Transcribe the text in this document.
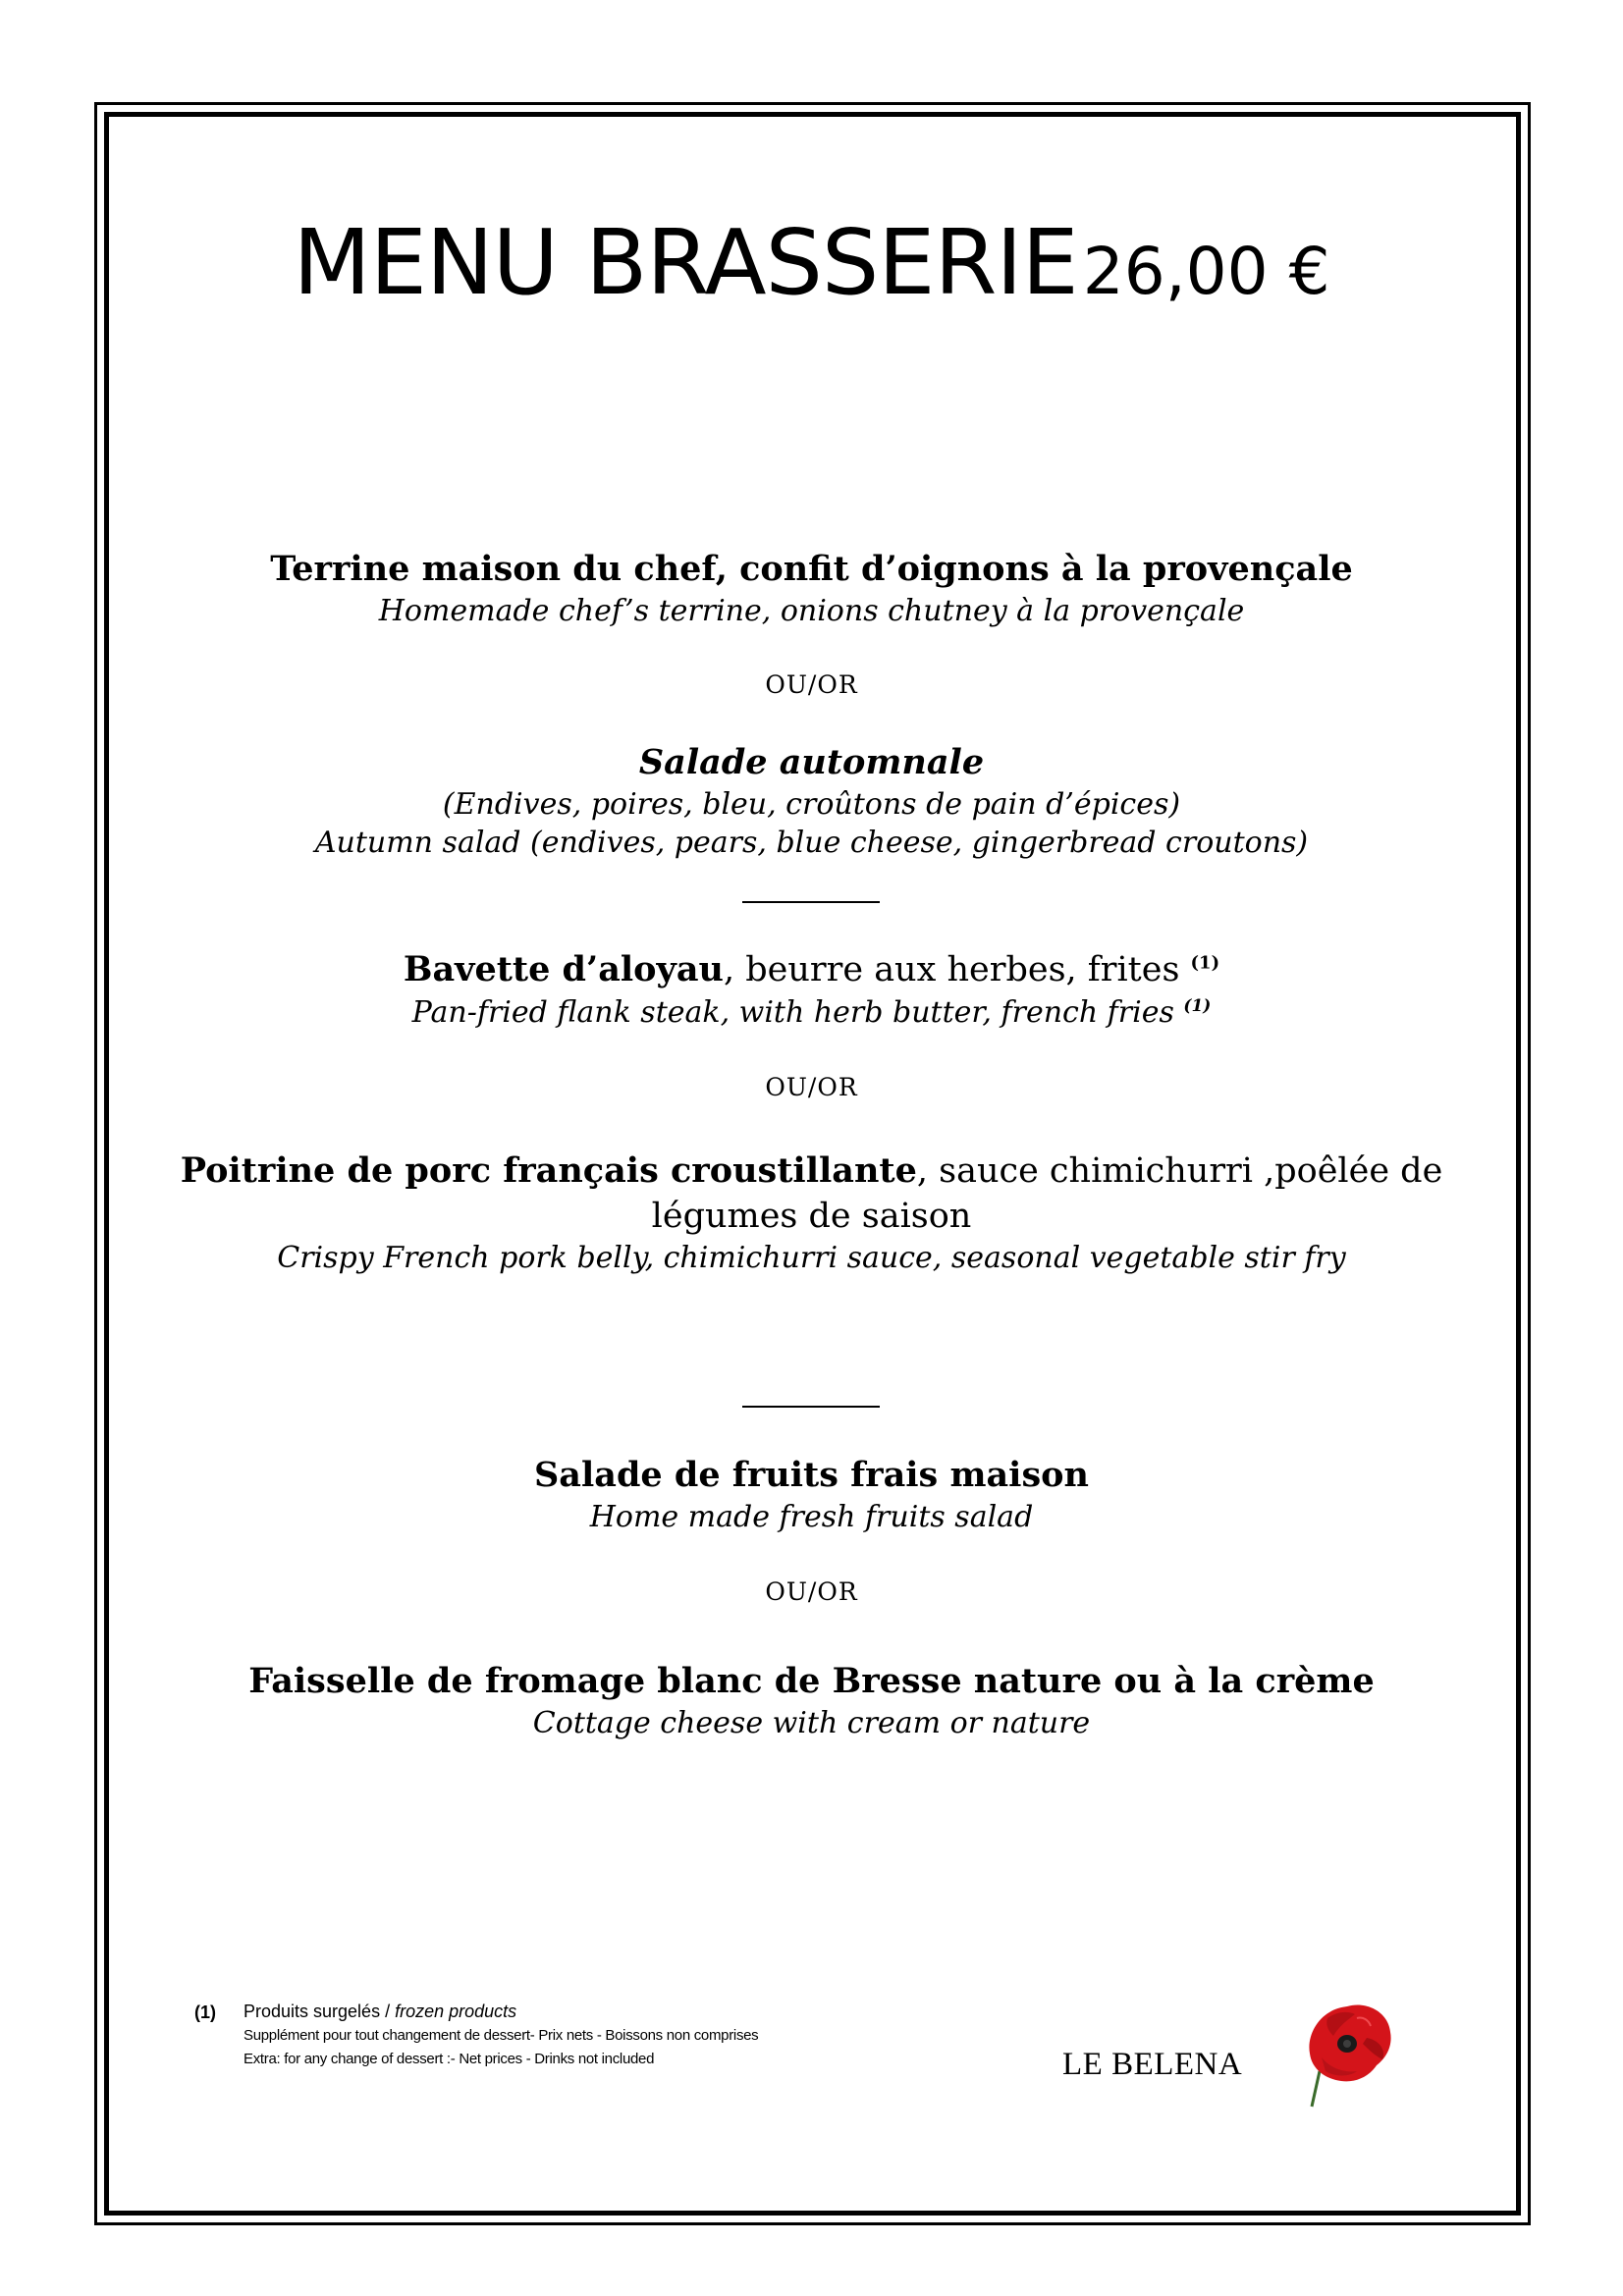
MENU BRASSERIE 26,00 €
Terrine maison du chef, confit d’oignons à la provençale
Homemade chef’s terrine, onions chutney à la provençale
OU/OR
Salade automnale
(Endives, poires, bleu, croûtons de pain d’épices)
Autumn salad (endives, pears, blue cheese, gingerbread croutons)
Bavette d’aloyau, beurre aux herbes, frites $^{(1)}$
Pan-fried flank steak, with herb butter, french fries $^{(1)}$
OU/OR
Poitrine de porc français croustillante, sauce chimichurri ,poêlée de légumes de saison
Crispy French pork belly, chimichurri sauce, seasonal vegetable stir fry
Salade de fruits frais maison
Home made fresh fruits salad
OU/OR
Faisselle de fromage blanc de Bresse nature ou à la crème
Cottage cheese with cream or nature
(1) Produits surgelés / frozen products
Supplément pour tout changement de dessert- Prix nets - Boissons non comprises
Extra: for any change of dessert :- Net prices - Drinks not included	LE BELENA
